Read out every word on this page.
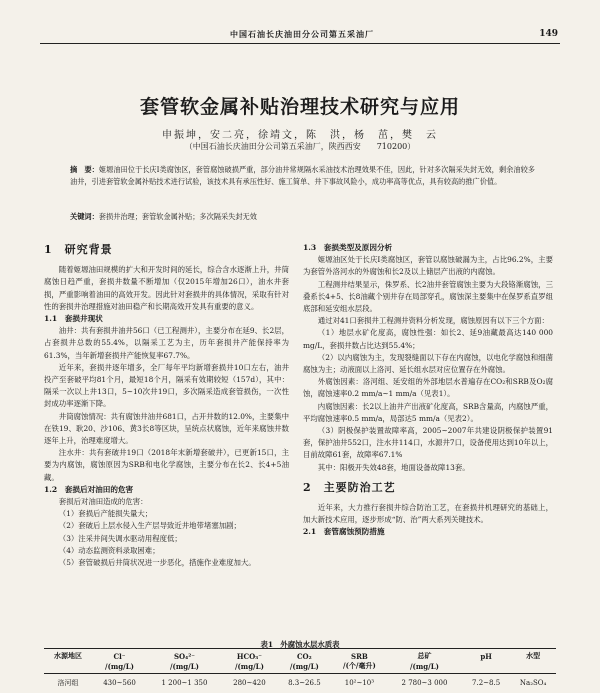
中国石油长庆油田分公司第五采油厂	149
套管软金属补贴治理技术研究与应用
申振坤，安二亮，徐靖文，陈　洪，杨　茁，樊　云
（中国石油长庆油田分公司第五采油厂，陕西西安　　710200）
摘　要：姬塬油田位于长庆Ⅰ类腐蚀区，套管腐蚀破损严重，部分油井常规隔水采油技术治理效果不佳，因此，针对多次隔采失封无效，剩余油较多油井，引进套管软金属补贴技术进行试验，该技术具有承压性好、施工简单、井下事故风险小，成功率高等优点，具有较高的推广价值。
关键词：套损井治理；套管软金属补贴；多次隔采失封无效
1　研究背景

随着姬塬油田规模的扩大和开发时间的延长，综合含水逐渐上升，井筒腐蚀日趋严重，套损井数量不断增加（仅2015年增加26口），油水井套损，严重影响着油田的高效开发。因此针对套损井的具体情况，采取有针对性的套损井治理措施对油田稳产和长期高效开发具有重要的意义。

1.1　套损井现状

油井：共有套损井油井56口（已工程测井），主要分布在延9、长2层，占套损井总数的55.4%，以隔采工艺为主，历年套损井产能保持率为61.3%，当年新增套损井产能恢复率67.7%。

近年来，套损井逐年增多，全厂每年平均新增套损井10口左右，油井投产至套破平均81个月，最短18个月，隔采有效期较短（157d），其中：隔采一次以上井13口，5~10次井19口，多次隔采造成套管损伤，一次性封成功率逐渐下降。

井筒腐蚀情况：共有腐蚀井油井681口，占开井数的12.0%，主要集中在铁19、耿20、沙106、黄3长8等区块，呈统点状腐蚀，近年来腐蚀井数逐年上升，治理难度增大。

注水井：共有套破井19口（2018年末新增套破井），已更新15口，主要为内腐蚀，腐蚀原因为SRB和电化学腐蚀，主要分布在长2、长4+5油藏。

1.2　套损后对油田的危害

套损后对油田造成的危害：

（1）套损后产能损失量大；

（2）套破后上层水侵入生产层导致近井地带堵塞加剧；

（3）注采井间失调水驱动用程度低；

（4）动态监测资料录取困难；

（5）套管破损后井筒状况进一步恶化，措施作业难度加大。

1.3　套损类型及原因分析

姬塬油区处于长庆Ⅰ类腐蚀区，套管以腐蚀破漏为主，占比96.2%，主要为套管外洛河水的外腐蚀和长2及以上储层产出液的内腐蚀。

工程测井结果显示，侏罗系、长2油井套管腐蚀主要为大段铬渐腐蚀，三叠系长4+5、长8油藏个别井存在局部穿孔，腐蚀深主要集中在保罗系直罗组底部和延安组水层段。

通过对41口套损井工程测井资料分析发现，腐蚀原因有以下三个方面：

（1）地层水矿化度高，腐蚀性强：如长2、延9油藏最高达140 000 mg/L，套损井数占比达到55.4%；

（2）以内腐蚀为主，发现裂缝面以下存在内腐蚀，以电化学腐蚀和细菌腐蚀为主；动液面以上洛河、延长组水层对应位置存在外腐蚀。

外腐蚀因素：洛河组、延安组的外部地层水普遍存在CO₂和SRB及O₂腐蚀，腐蚀速率0.2 mm/a~1 mm/a（见表1）。

内腐蚀因素：长2以上油井产出液矿化度高，SRB含量高，内腐蚀严重，平均腐蚀速率0.5 mm/a，局部达5 mm/a（见表2）。

（3）阴极保护装置故障率高，2005~2007年共建设阴极保护装置91套，保护油井552口，注水井114口，水源井7口，设备使用达到10年以上，目前故障61套，故障率67.1%

其中：阳极开失效48套，地面设备故障13套。

2　主要防治工艺

近年来，大力推行套损井综合防治工艺，在套损井机理研究的基础上，加大新技术应用，逐步形成“防、治”两大系列关键技术。

2.1　套管腐蚀预防措施
表1　外腐蚀水层水质表
水源地区	Cl⁻	SO₄²⁻	HCO₃⁻	CO₂	SRB	总矿	pH	水型
	/(mg/L)	/(mg/L)	/(mg/L)	/(mg/L)	/(个/毫升)	/(mg/L)		
洛河组	430~560	1 200~1 350	280~420	8.3~26.5	10²~10³	2 780~3 000	7.2~8.5	Na₂SO₄
